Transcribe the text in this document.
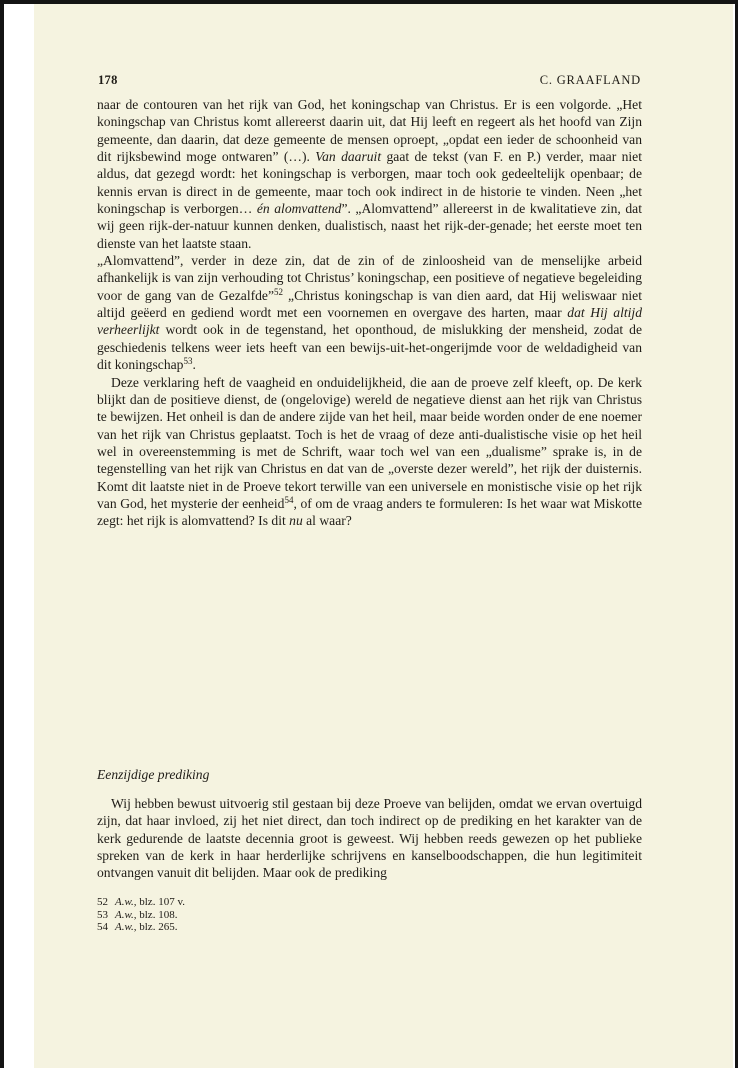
178	C. GRAAFLAND

naar de contouren van het rijk van God, het koningschap van Christus. Er is een volgorde. „Het koningschap van Christus komt allereerst daarin uit, dat Hij leeft en regeert als het hoofd van Zijn gemeente, dan daarin, dat deze gemeente de mensen oproept, „opdat een ieder de schoonheid van dit rijksbewind moge ontwaren” (…). Van daaruit gaat de tekst (van F. en P.) verder, maar niet aldus, dat gezegd wordt: het koningschap is verborgen, maar toch ook gedeeltelijk openbaar; de kennis ervan is direct in de gemeente, maar toch ook indirect in de historie te vinden. Neen „het koningschap is verborgen… én alomvattend”. „Alomvattend” allereerst in de kwalitatieve zin, dat wij geen rijk-der-natuur kunnen denken, dualistisch, naast het rijk-der-genade; het eerste moet ten dienste van het laatste staan.

„Alomvattend”, verder in deze zin, dat de zin of de zinloosheid van de menselijke arbeid afhankelijk is van zijn verhouding tot Christus’ koningschap, een positieve of negatieve begeleiding voor de gang van de Gezalfde”$^{52}$ „Christus koningschap is van dien aard, dat Hij weliswaar niet altijd geëerd en gediend wordt met een voornemen en overgave des harten, maar dat Hij altijd verheerlijkt wordt ook in de tegenstand, het oponthoud, de mislukking der mensheid, zodat de geschiedenis telkens weer iets heeft van een bewijs-uit-het-ongerijmde voor de weldadigheid van dit koningschap$^{53}$.

Deze verklaring heft de vaagheid en onduidelijkheid, die aan de proeve zelf kleeft, op. De kerk blijkt dan de positieve dienst, de (ongelovige) wereld de negatieve dienst aan het rijk van Christus te bewijzen. Het onheil is dan de andere zijde van het heil, maar beide worden onder de ene noemer van het rijk van Christus geplaatst. Toch is het de vraag of deze anti-dualistische visie op het heil wel in overeenstemming is met de Schrift, waar toch wel van een „dualisme” sprake is, in de tegenstelling van het rijk van Christus en dat van de „overste dezer wereld”, het rijk der duisternis. Komt dit laatste niet in de Proeve tekort terwille van een universele en monistische visie op het rijk van God, het mysterie der eenheid$^{54}$, of om de vraag anders te formuleren: Is het waar wat Miskotte zegt: het rijk is alomvattend? Is dit nu al waar?

Eenzijdige prediking

Wij hebben bewust uitvoerig stil gestaan bij deze Proeve van belijden, omdat we ervan overtuigd zijn, dat haar invloed, zij het niet direct, dan toch indirect op de prediking en het karakter van de kerk gedurende de laatste decennia groot is geweest. Wij hebben reeds gewezen op het publieke spreken van de kerk in haar herderlijke schrijvens en kanselboodschappen, die hun legitimiteit ontvangen vanuit dit belijden. Maar ook de prediking

52 A.w., blz. 107 v.
53 A.w., blz. 108.
54 A.w., blz. 265.
